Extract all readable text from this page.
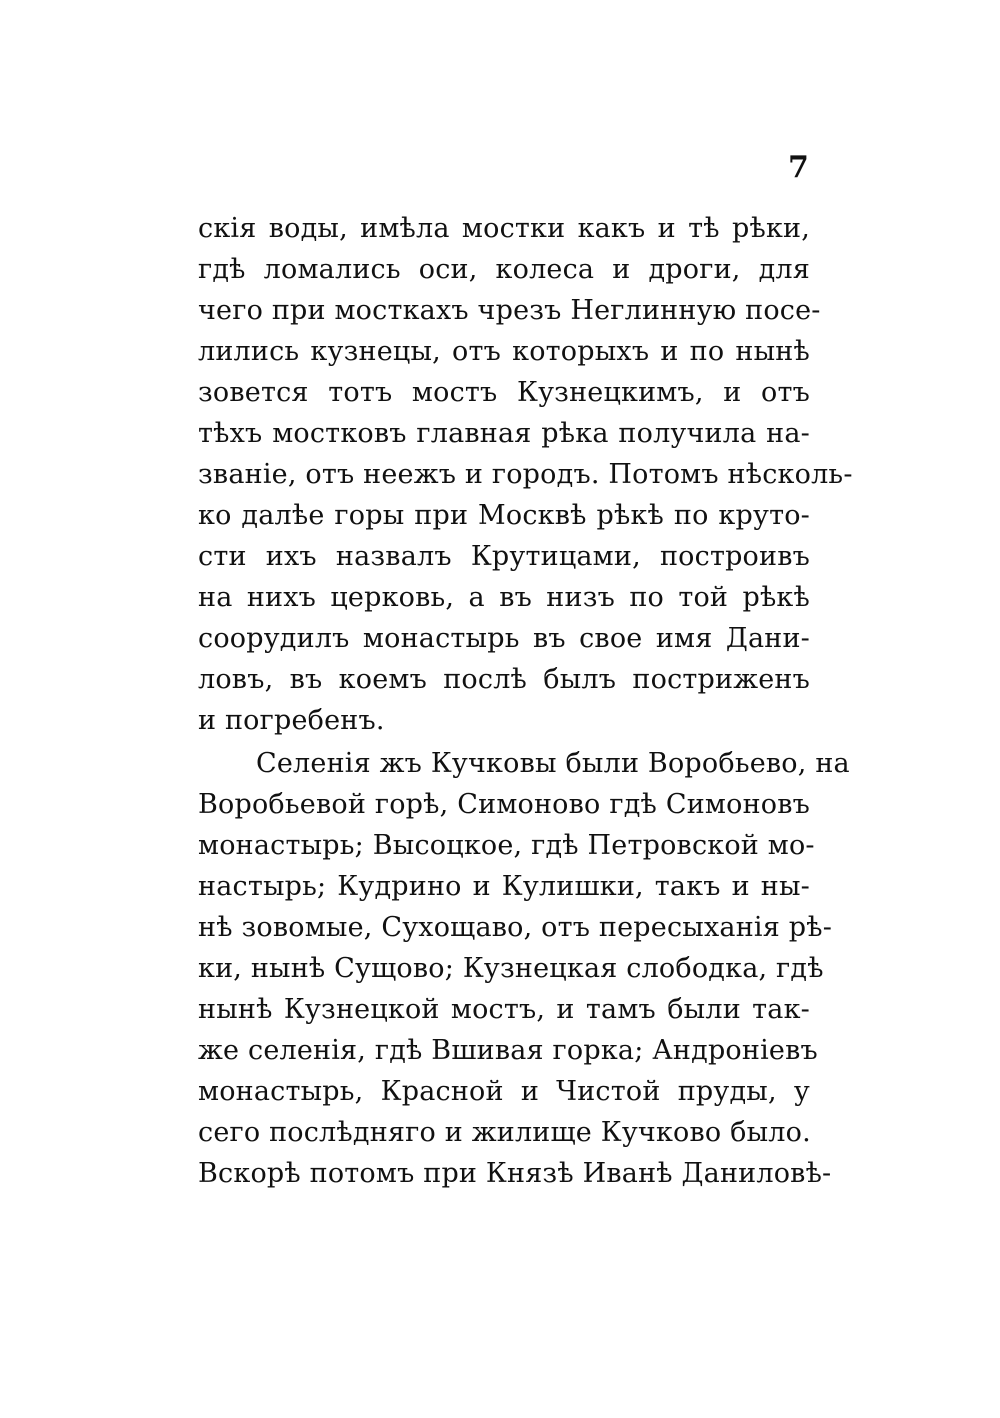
7
скія воды, имѣла мостки какъ и тѣ рѣки,
гдѣ ломались оси, колеса и дроги, для
чего при мосткахъ чрезъ Неглинную посе-
лились кузнецы, отъ которыхъ и по нынѣ
зовется тотъ мостъ Кузнецкимъ, и отъ
тѣхъ мостковъ главная рѣка получила на-
званіе, отъ неежъ и городъ. Потомъ нѣсколь-
ко далѣе горы при Москвѣ рѣкѣ по круто-
сти ихъ назвалъ Крутицами, построивъ
на нихъ церковь, а въ низъ по той рѣкѣ
соорудилъ монастырь въ свое имя Дани-
ловъ, въ коемъ послѣ былъ постриженъ
и погребенъ.
Селенія жъ Кучковы были Воробьево, на
Воробьевой горѣ, Симоново гдѣ Симоновъ
монастырь; Высоцкое, гдѣ Петровской мо-
настырь; Кудрино и Кулишки, такъ и ны-
нѣ зовомые, Сухощаво, отъ пересыханія рѣ-
ки, нынѣ Сущово; Кузнецкая слободка, гдѣ
нынѣ Кузнецкой мостъ, и тамъ были так-
же селенія, гдѣ Вшивая горка; Андроніевъ
монастырь, Красной и Чистой пруды, у
сего послѣдняго и жилище Кучково было.
Вскорѣ потомъ при Князѣ Иванѣ Даниловѣ-
